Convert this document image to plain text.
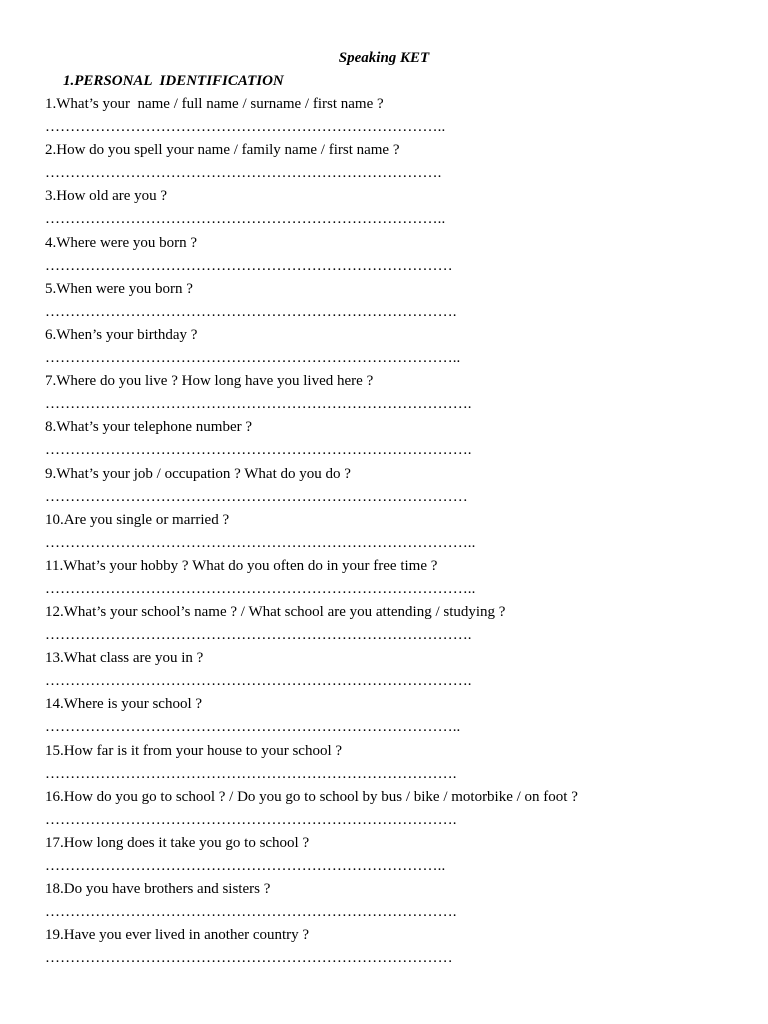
Speaking KET
1.PERSONAL  IDENTIFICATION
1.What’s your  name / full name / surname / first name ?
……………………………………………………………………..
2.How do you spell your name / family name / first name ?
…………………………………………………………………….
3.How old are you ?
……………………………………………………………………..
4.Where were you born ?
………………………………………………………………………
5.When were you born ?
……………………………………………………………………….
6.When’s your birthday ?
………………………………………………………………………..
7.Where do you live ? How long have you lived here ?
………………………………………………………………………….
8.What’s your telephone number ?
………………………………………………………………………….
9.What’s your job / occupation ? What do you do ?
…………………………………………………………………………
10.Are you single or married ?
…………………………………………………………………………..
11.What’s your hobby ? What do you often do in your free time ?
…………………………………………………………………………..
12.What’s your school’s name ? / What school are you attending / studying ?
………………………………………………………………………….
13.What class are you in ?
………………………………………………………………………….
14.Where is your school ?
………………………………………………………………………..
15.How far is it from your house to your school ?
……………………………………………………………………….
16.How do you go to school ? / Do you go to school by bus / bike / motorbike / on foot ?
……………………………………………………………………….
17.How long does it take you go to school ?
……………………………………………………………………..
18.Do you have brothers and sisters ?
……………………………………………………………………….
19.Have you ever lived in another country ?
………………………………………………………………………
